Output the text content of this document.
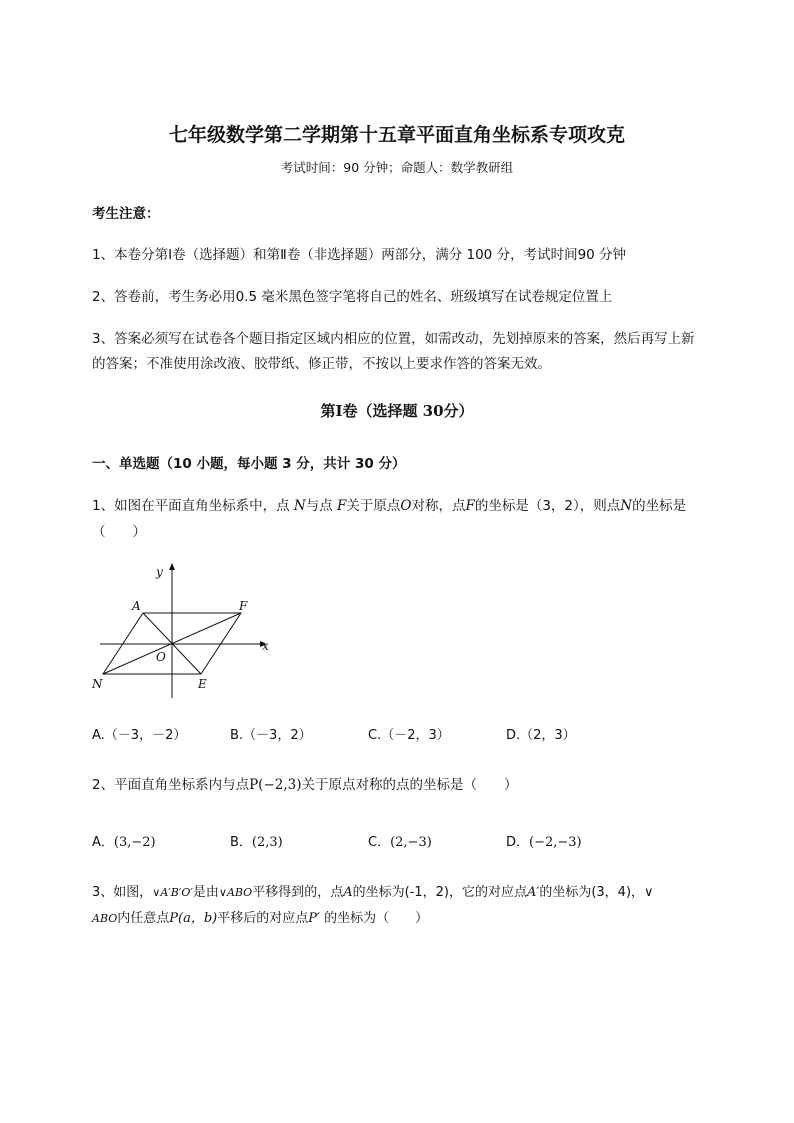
七年级数学第二学期第十五章平面直角坐标系专项攻克
考试时间：90 分钟；命题人：数学教研组
考生注意：
1、本卷分第Ⅰ卷（选择题）和第Ⅱ卷（非选择题）两部分，满分 100 分，考试时间90 分钟
2、答卷前，考生务必用0.5 毫米黑色签字笔将自己的姓名、班级填写在试卷规定位置上
3、答案必须写在试卷各个题目指定区域内相应的位置，如需改动，先划掉原来的答案，然后再写上新
的答案；不准使用涂改液、胶带纸、修正带，不按以上要求作答的答案无效。
第Ⅰ卷（选择题 30分）
一、单选题（10 小题，每小题 3 分，共计 30 分）
1、如图在平面直角坐标系中，点 N与点 F关于原点O对称，点F的坐标是（3，2），则点N的坐标是
（　　）
y
x
A	F
O
N	E
A.（－3，－2）	B.（－3，2）	C.（－2，3）	D.（2，3）
2、平面直角坐标系内与点P(−2,3)关于原点对称的点的坐标是（　　）
A．(3,−2)	B．(2,3)	C．(2,−3)	D．(−2,−3)
3、如图，∨A′B′O′是由∨ABO平移得到的，点A的坐标为(-1，2)，它的对应点A′的坐标为(3，4)，∨
ABO内任意点P(a，b)平移后的对应点P′ 的坐标为（　　）
